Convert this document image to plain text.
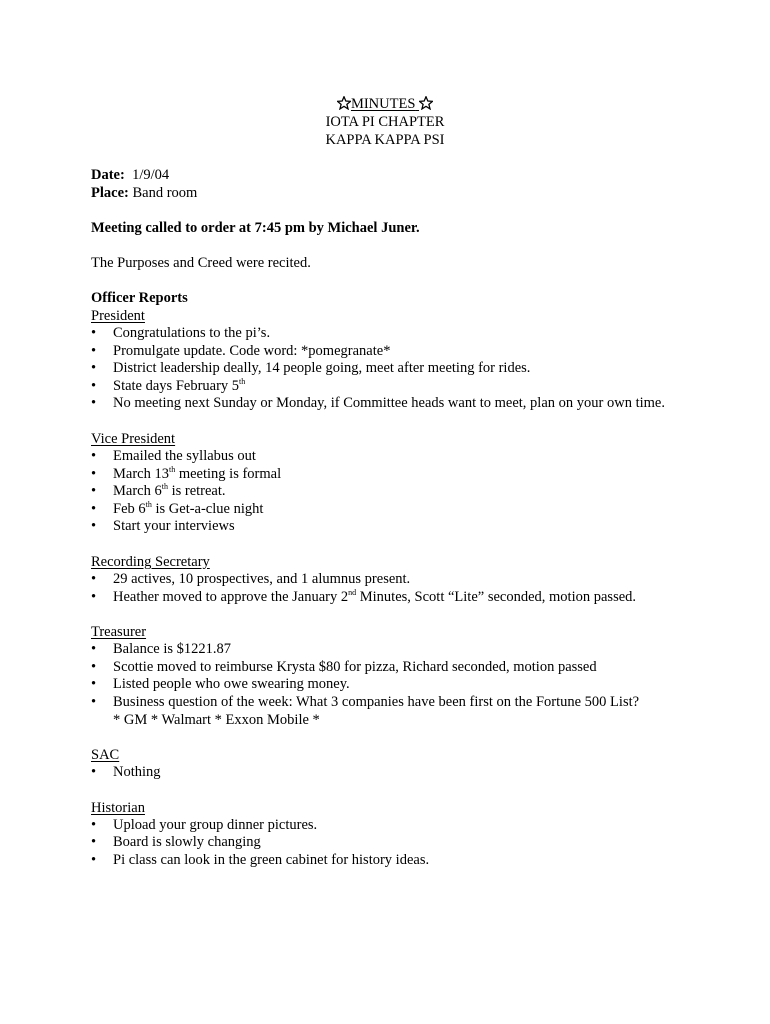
MINUTES
IOTA PI CHAPTER
KAPPA KAPPA PSI
Date: 1/9/04
Place: Band room
Meeting called to order at 7:45 pm by Michael Juner.
The Purposes and Creed were recited.
Officer Reports
President
• Congratulations to the pi’s.
• Promulgate update. Code word: *pomegranate*
• District leadership deally, 14 people going, meet after meeting for rides.
• State days February 5th
• No meeting next Sunday or Monday, if Committee heads want to meet, plan on your own time.
Vice President
• Emailed the syllabus out
• March 13th meeting is formal
• March 6th is retreat.
• Feb 6th is Get-a-clue night
• Start your interviews
Recording Secretary
• 29 actives, 10 prospectives, and 1 alumnus present.
• Heather moved to approve the January 2nd Minutes, Scott “Lite” seconded, motion passed.
Treasurer
• Balance is $1221.87
• Scottie moved to reimburse Krysta $80 for pizza, Richard seconded, motion passed
• Listed people who owe swearing money.
• Business question of the week: What 3 companies have been first on the Fortune 500 List?
* GM * Walmart * Exxon Mobile *
SAC
• Nothing
Historian
• Upload your group dinner pictures.
• Board is slowly changing
• Pi class can look in the green cabinet for history ideas.
